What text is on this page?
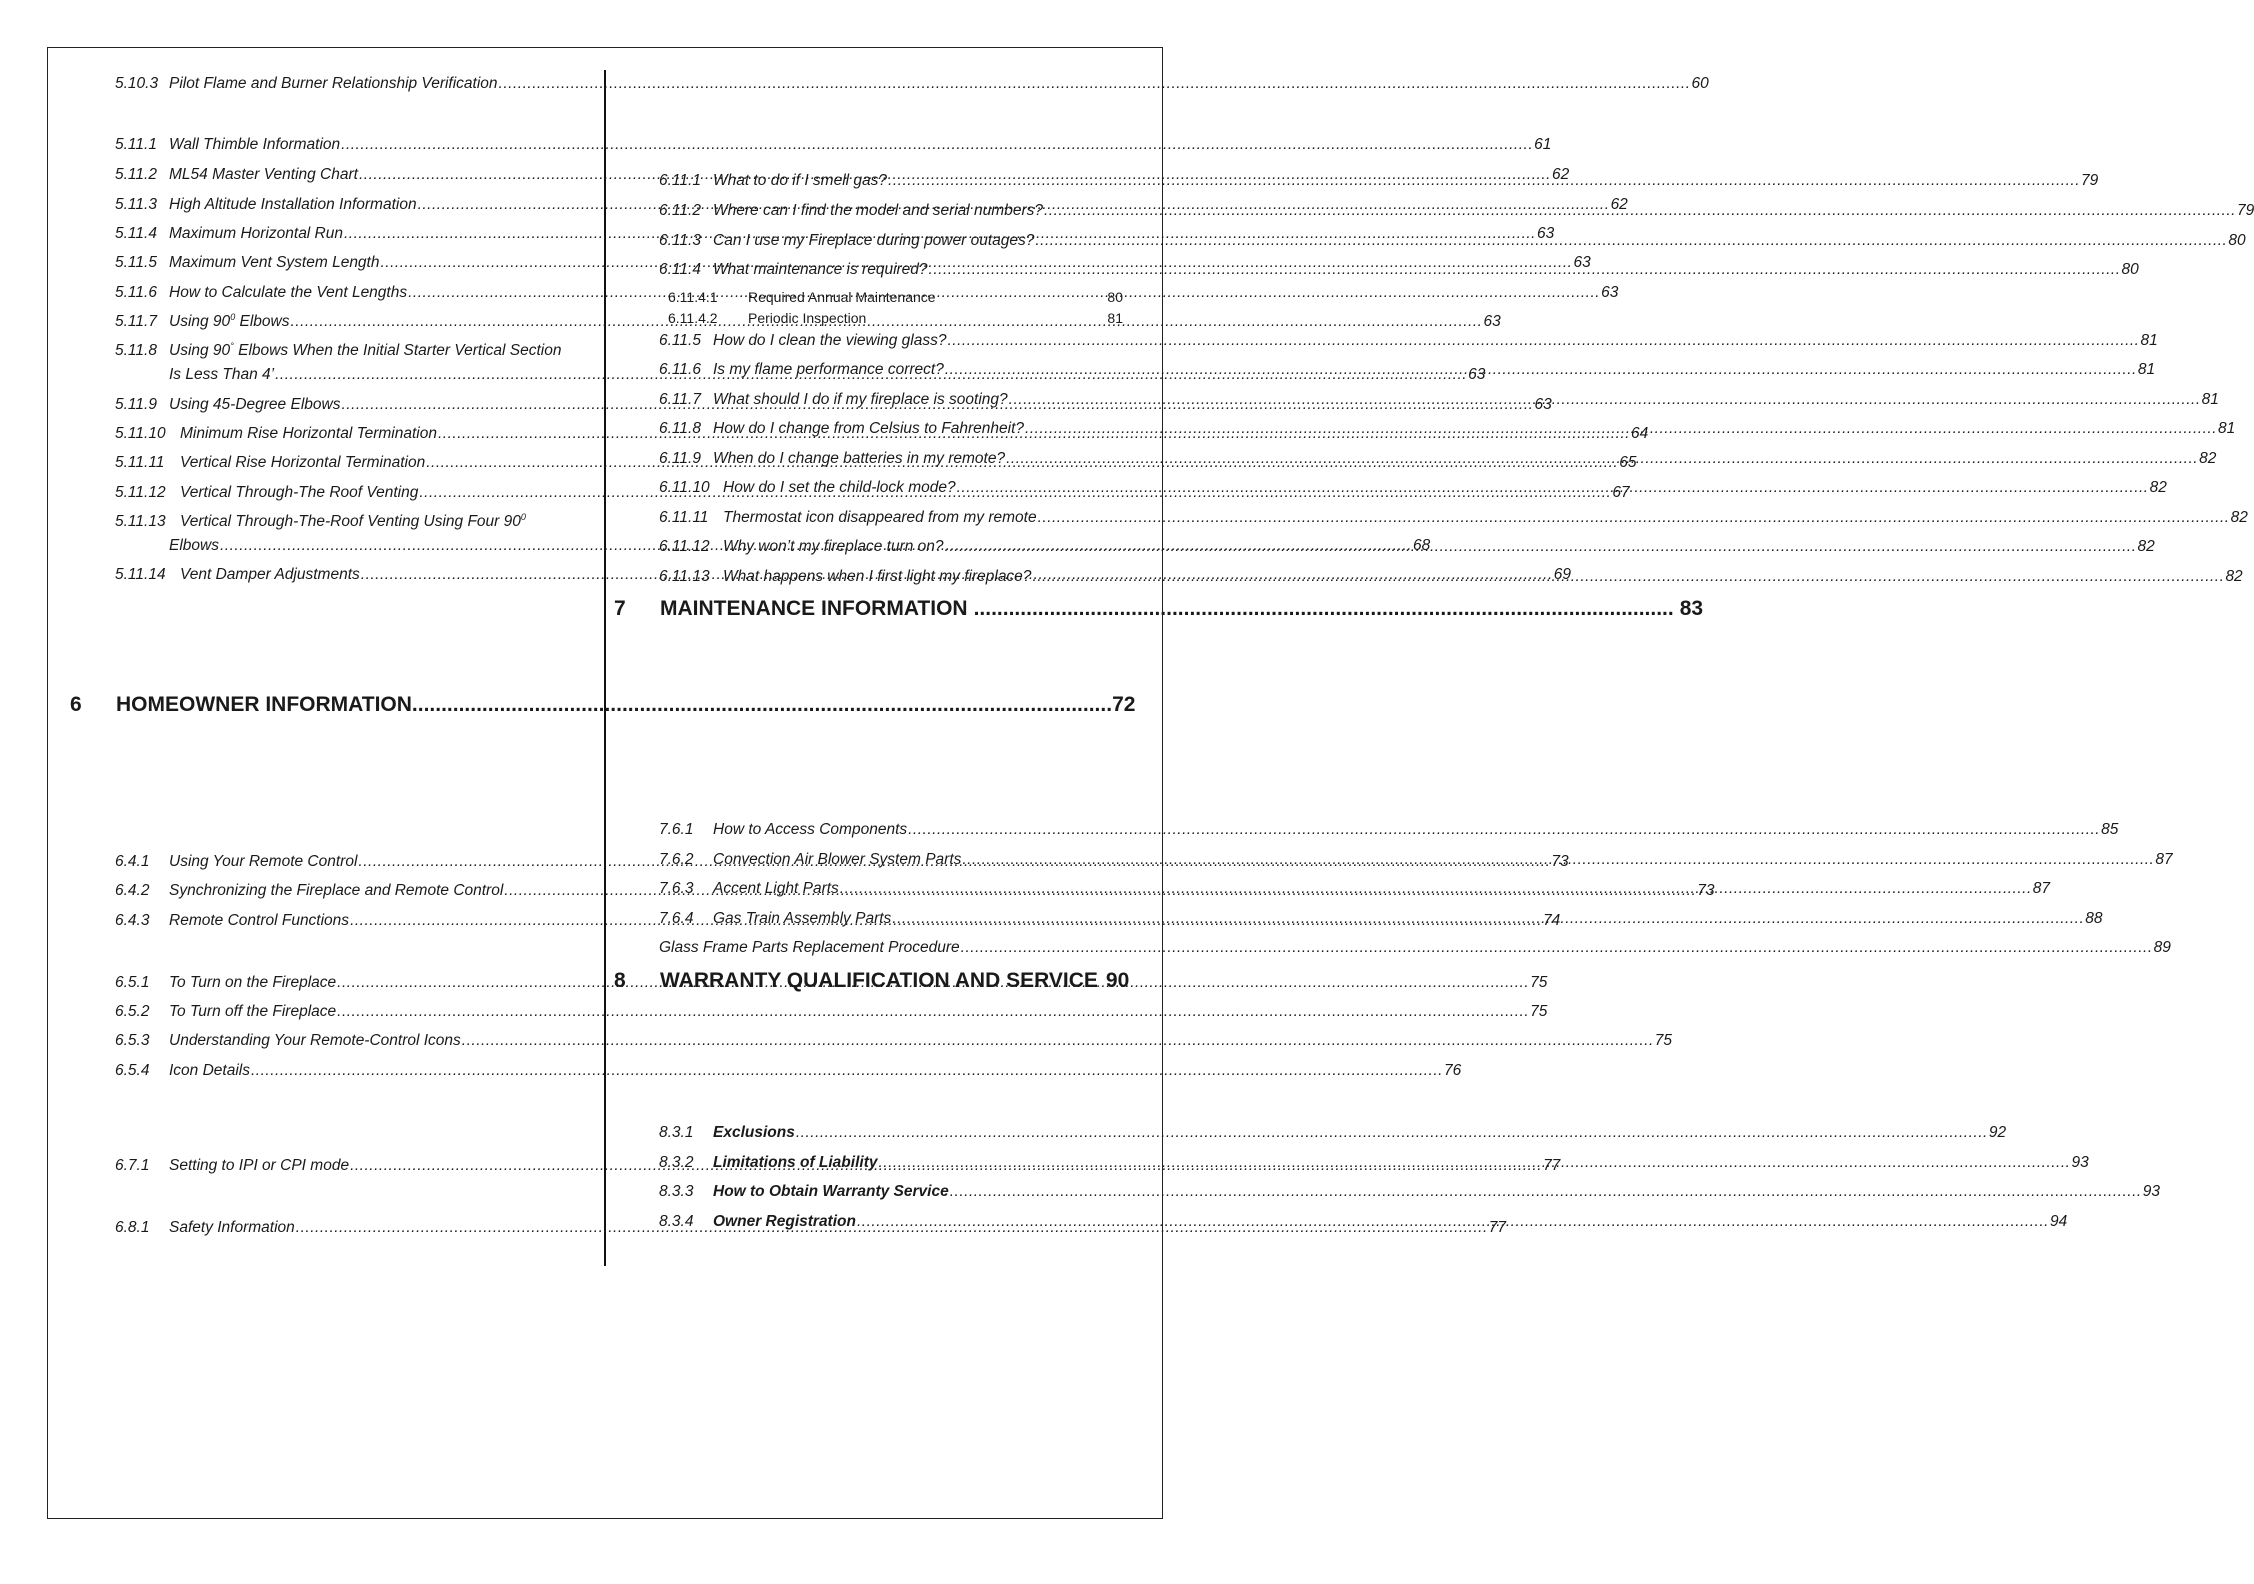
5.10.3 Pilot Flame and Burner Relationship Verification .....	60
5.11.1 Wall Thimble Information .....	61
5.11.2 ML54 Master Venting Chart .....	62
5.11.3 High Altitude Installation Information .....	62
5.11.4 Maximum Horizontal Run .....	63
5.11.5 Maximum Vent System Length .....	63
5.11.6 How to Calculate the Vent Lengths .....	63
5.11.7 Using $90^0$ Elbows .....	63
5.11.8 Using 90° Elbows When the Initial Starter Vertical Section
Is Less Than 4’ .....	63
5.11.9 Using 45-Degree Elbows .....	63
5.11.10 Minimum Rise Horizontal Termination .....	64
5.11.11	Vertical Rise Horizontal Termination .....	65
5.11.12 Vertical Through-The Roof Venting .....	67
5.11.13 Vertical Through-The-Roof Venting Using Four $90^0$
Elbows .....	68
5.11.14 Vent Damper Adjustments .....	69
6.4.1	Using Your Remote Control .....	73
6.4.2	Synchronizing the Fireplace and Remote Control .....	73
6.4.3	Remote Control Functions .....	74
6.5.1	To Turn on the Fireplace .....	75
6.5.2	To Turn off the Fireplace .....	75
6.5.3	Understanding Your Remote-Control Icons .....	75
6.5.4	Icon Details .....	76
6.7.1	Setting to IPI or CPI mode .....	77
6.8.1	Safety Information .....	77
6.11.1 What to do if I smell gas? .....	79
6.11.2 Where can I find the model and serial numbers? .....	79
6.11.3 Can I use my Fireplace during power outages? .....	80
6.11.4 What maintenance is required? .....	80
6.11.5 How do I clean the viewing glass? .....	81
6.11.6 Is my flame performance correct? .....	81
6.11.7 What should I do if my fireplace is sooting? .....	81
6.11.8 How do I change from Celsius to Fahrenheit? .....	81
6.11.9 When do I change batteries in my remote? .....	82
6.11.10 How do I set the child-lock mode? .....	82
6.11.11 Thermostat icon disappeared from my remote .....	82
6.11.12 Why won’t my fireplace turn on? .....	82
6.11.13 What happens when I first light my fireplace? .....	82
7.6.1	How to Access Components .....	85
7.6.2	Convection Air Blower System Parts .....	87
7.6.3	Accent Light Parts .....	87
7.6.4	Gas Train Assembly Parts .....	88
Glass Frame Parts Replacement Procedure .....	89
8.3.1	Exclusions .....	92
8.3.2	Limitations of Liability .....	93
8.3.3	How to Obtain Warranty Service .....	93
8.3.4	Owner Registration .....	94
6.11.4.1	Required Annual Maintenance	80
6.11.4.2	Periodic Inspection	81
6	HOMEOWNER INFORMATION .....	72
7	MAINTENANCE INFORMATION .....	83
8	WARRANTY QUALIFICATION AND SERVICE 90
